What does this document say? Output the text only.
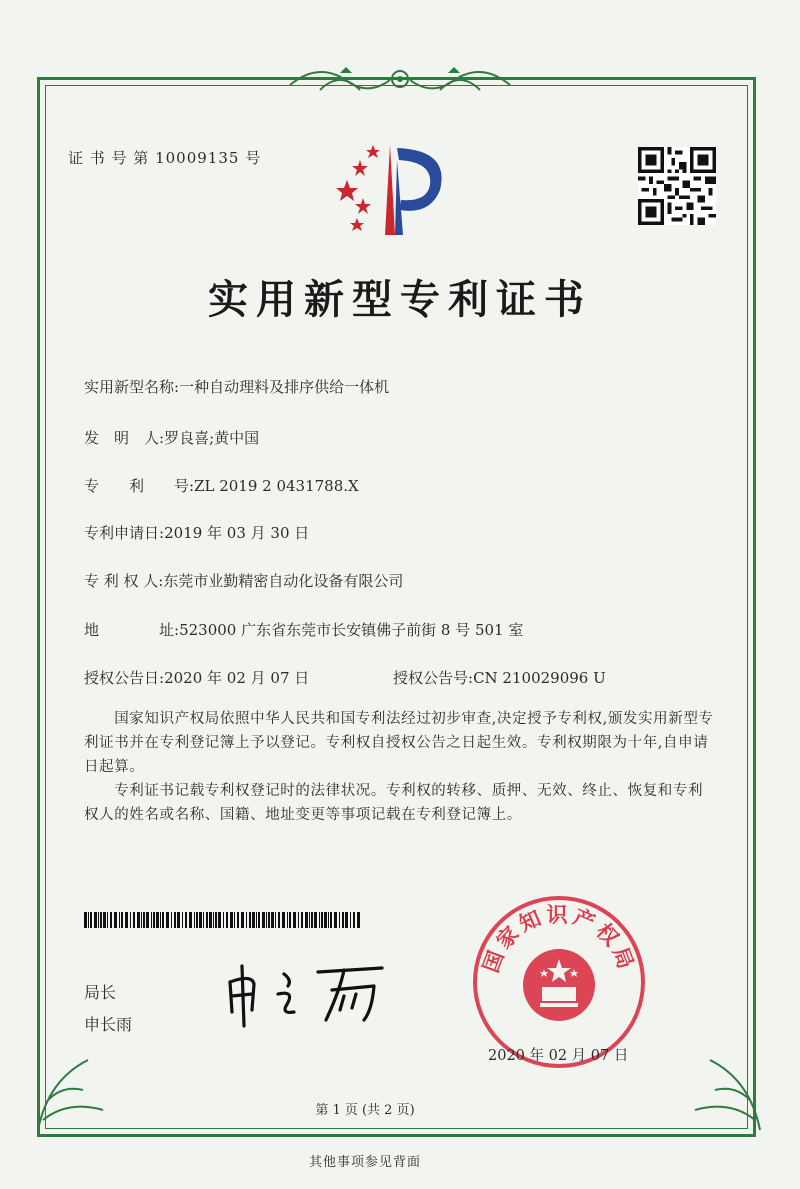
证 书 号 第 10009135 号
实用新型专利证书
实用新型名称:一种自动理料及排序供给一体机
发　明　人:罗良喜;黄中国
专　　利　　号:ZL 2019 2 0431788.X
专利申请日:2019 年 03 月 30 日
专 利 权 人:东莞市业勤精密自动化设备有限公司
地　　　　址:523000 广东省东莞市长安镇佛子前街 8 号 501 室
授权公告日:2020 年 02 月 07 日	授权公告号:CN 210029096 U
　　国家知识产权局依照中华人民共和国专利法经过初步审查,决定授予专利权,颁发实用新型专利证书并在专利登记簿上予以登记。专利权自授权公告之日起生效。专利权期限为十年,自申请日起算。
　　专利证书记载专利权登记时的法律状况。专利权的转移、质押、无效、终止、恢复和专利权人的姓名或名称、国籍、地址变更等事项记载在专利登记簿上。
局长
申长雨
国家知识产权局
2020 年 02 月 07 日
第 1 页 (共 2 页)
其他事项参见背面
